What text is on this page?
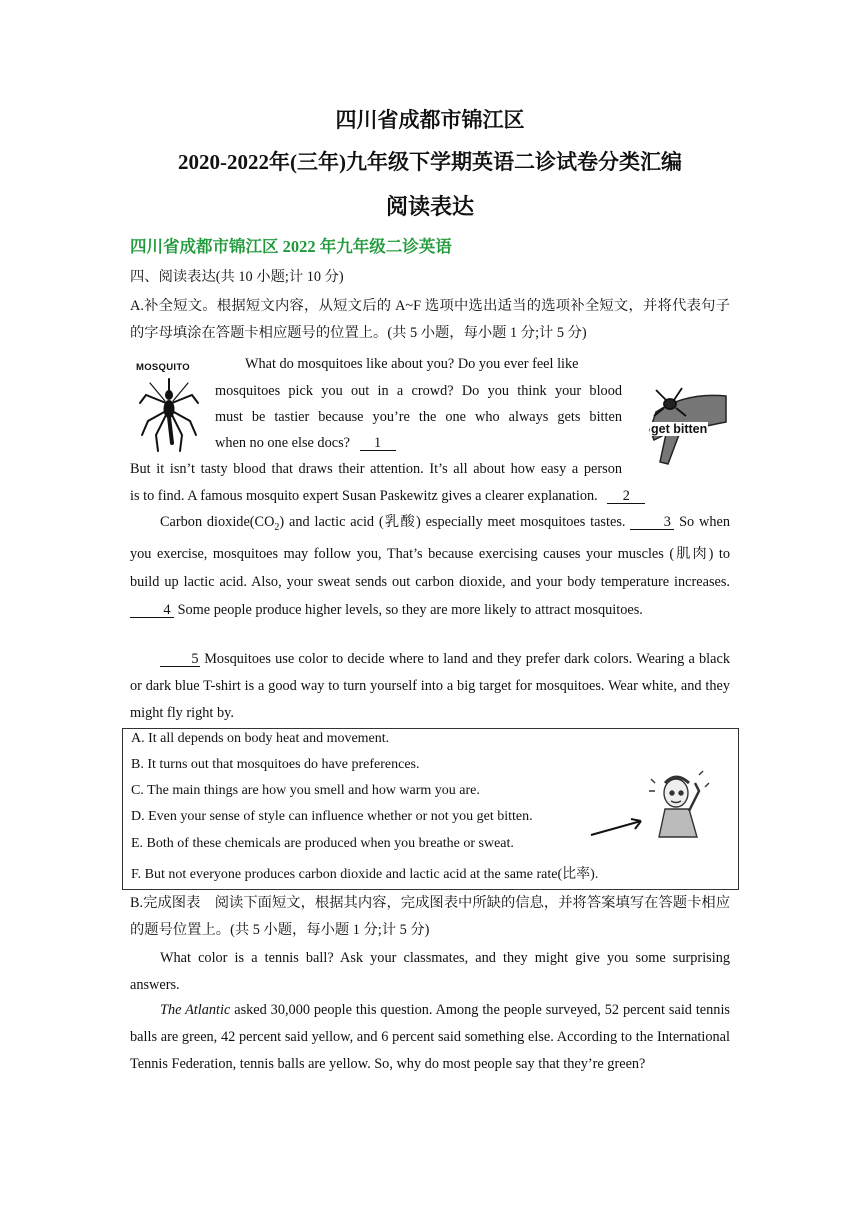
四川省成都市锦江区
2020-2022年(三年)九年级下学期英语二诊试卷分类汇编
阅读表达
四川省成都市锦江区 2022 年九年级二诊英语
四、阅读表达(共 10 小题;计 10 分)
A.补全短文。根据短文内容，从短文后的 A~F 选项中选出适当的选项补全短文，并将代表句子的字母填涂在答题卡相应题号的位置上。(共 5 小题，每小题 1 分;计 5 分)
MOSQUITO	What do mosquitoes like about you? Do you ever feel like
mosquitoes pick you out in a crowd? Do you think your blood
must be tastier because you’re the one who always gets bitten
when no one else docs? 1
get bitten
But it isn’t tasty blood that draws their attention. It’s all about how easy a person
is to find. A famous mosquito expert Susan Paskewitz gives a clearer explanation. 2
Carbon $dioxide(CO_2)$ and lactic acid (乳酸) especially meet mosquitoes tastes.	3 So when you exercise, mosquitoes may follow you, That’s because exercising causes your muscles (肌肉) to build up lactic acid. Also, your sweat sends out carbon dioxide, and your body temperature increases. 4 Some people produce higher levels, so they are more likely to attract mosquitoes.
5 Mosquitoes use color to decide where to land and they prefer dark colors. Wearing a black or dark blue T-shirt is a good way to turn yourself into a big target for mosquitoes. Wear white, and they might fly right by.
A. It all depends on body heat and movement.
B. It turns out that mosquitoes do have preferences.
C. The main things are how you smell and how warm you are.
D. Even your sense of style can influence whether or not you get bitten.
E. Both of these chemicals are produced when you breathe or sweat.
F. But not everyone produces carbon dioxide and lactic acid at the same rate(比率).
B.完成图表　阅读下面短文，根据其内容，完成图表中所缺的信息，并将答案填写在答题卡相应的题号位置上。(共 5 小题，每小题 1 分;计 5 分)
What color is a tennis ball? Ask your classmates, and they might give you some surprising answers.
The Atlantic asked 30,000 people this question. Among the people surveyed, 52 percent said tennis balls are green, 42 percent said yellow, and 6 percent said something else. According to the International Tennis Federation, tennis balls are yellow. So, why do most people say that they’re green?
